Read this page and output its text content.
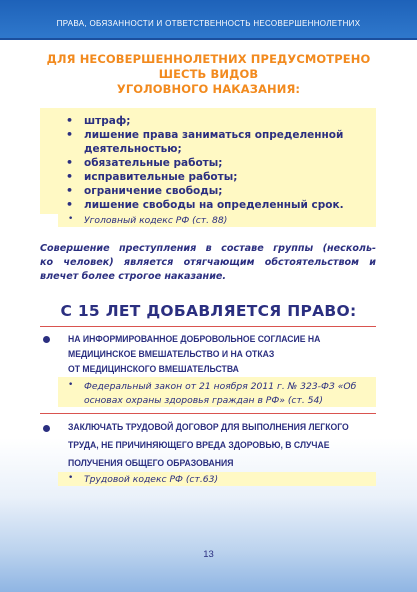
ПРАВА, ОБЯЗАННОСТИ И ОТВЕТСТВЕННОСТЬ НЕСОВЕРШЕННОЛЕТНИХ
ДЛЯ НЕСОВЕРШЕННОЛЕТНИХ ПРЕДУСМОТРЕНО
ШЕСТЬ ВИДОВ
УГОЛОВНОГО НАКАЗАНИЯ:
• штраф;
• лишение права заниматься определенной
деятельностью;
• обязательные работы;
• исправительные работы;
• ограничение свободы;
• лишение свободы на определенный срок.
• Уголовный кодекс РФ (ст. 88)
Совершение преступления в составе группы (несколь-
ко человек) является отягчающим обстоятельством и
влечет более строгое наказание.
С 15 ЛЕТ ДОБАВЛЯЕТСЯ ПРАВО:
НА ИНФОРМИРОВАННОЕ ДОБРОВОЛЬНОЕ СОГЛАСИЕ НА
МЕДИЦИНСКОЕ ВМЕШАТЕЛЬСТВО И НА ОТКАЗ
ОТ МЕДИЦИНСКОГО ВМЕШАТЕЛЬСТВА
• Федеральный закон от 21 ноября 2011 г. № 323-ФЗ «Об
основах охраны здоровья граждан в РФ» (ст. 54)
ЗАКЛЮЧАТЬ ТРУДОВОЙ ДОГОВОР ДЛЯ ВЫПОЛНЕНИЯ ЛЕГКОГО
ТРУДА, НЕ ПРИЧИНЯЮЩЕГО ВРЕДА ЗДОРОВЬЮ, В СЛУЧАЕ
ПОЛУЧЕНИЯ ОБЩЕГО ОБРАЗОВАНИЯ
• Трудовой кодекс РФ (ст.63)
13
